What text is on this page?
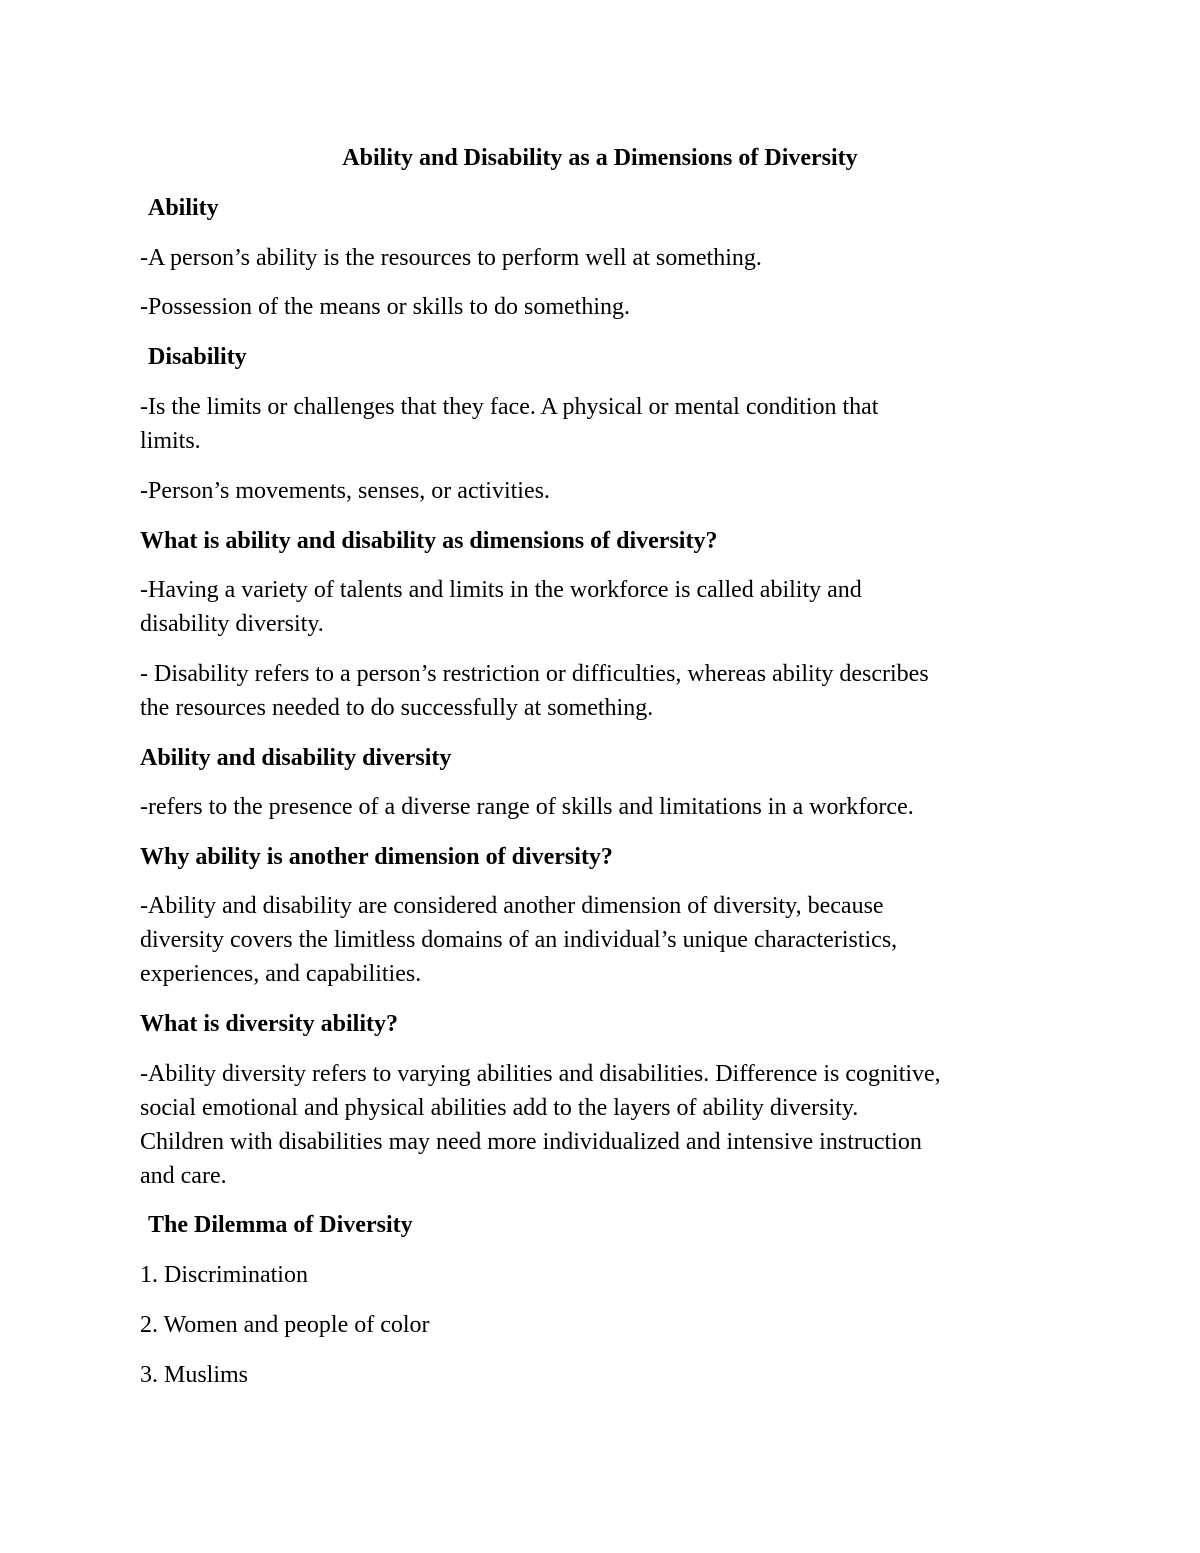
Ability and Disability as a Dimensions of Diversity

Ability

-A person’s ability is the resources to perform well at something.

-Possession of the means or skills to do something.

Disability

-Is the limits or challenges that they face. A physical or mental condition that

limits.

-Person’s movements, senses, or activities.

What is ability and disability as dimensions of diversity?

-Having a variety of talents and limits in the workforce is called ability and

disability diversity.

- Disability refers to a person’s restriction or difficulties, whereas ability describes

the resources needed to do successfully at something.

Ability and disability diversity

-refers to the presence of a diverse range of skills and limitations in a workforce.

Why ability is another dimension of diversity?

-Ability and disability are considered another dimension of diversity, because

diversity covers the limitless domains of an individual’s unique characteristics,

experiences, and capabilities.

What is diversity ability?

-Ability diversity refers to varying abilities and disabilities. Difference is cognitive,

social emotional and physical abilities add to the layers of ability diversity.

Children with disabilities may need more individualized and intensive instruction

and care.

The Dilemma of Diversity

1. Discrimination

2. Women and people of color

3. Muslims
